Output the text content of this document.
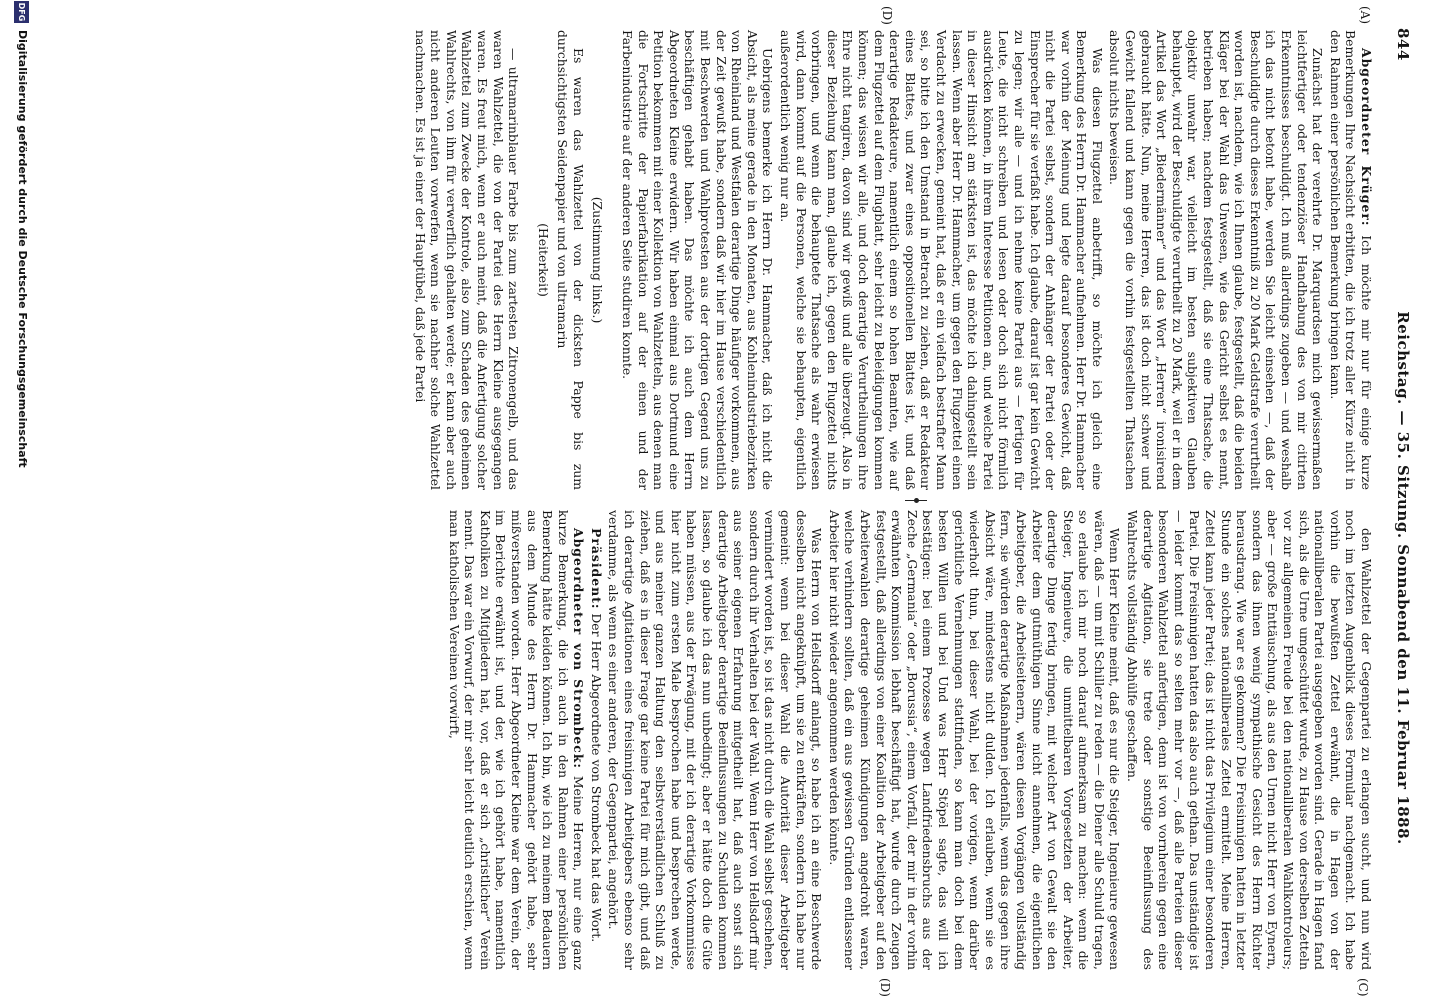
844
Reichstag. — 35. Sitzung. Sonnabend den 11. Februar 1888.
(A)
(D)
(C)
(D)

Abgeordneter Krüger: Ich möchte mir nur für einige kurze Bemerkungen Ihre Nachsicht erbitten, die ich trotz aller Kürze nicht in den Rahmen einer persönlichen Bemerkung bringen kann.

Zunächst hat der verehrte Dr. Marquardsen mich gewissermaßen leichtfertiger oder tendenziöser Handhabung des von mir citirten Erkenntnisses beschuldigt. Ich muß allerdings zugeben — und weshalb ich das nicht betont habe, werden Sie leicht einsehen —, daß der Beschuldigte durch dieses Erkenntniß zu 20 Mark Geldstrafe verurtheilt worden ist, nachdem, wie ich Ihnen glaube, festgestellt, daß die beiden Kläger bei der Wahl das Unwesen, wie das Gericht selbst es nennt, betrieben haben; nachdem festgestellt, daß sie eine Thatsache, die objektiv unwahr war, vielleicht im besten subjektiven Glauben behauptet, wird der Beschuldigte verurtheilt zu 20 Mark, weil er in dem Artikel das Wort „Biedermänner“ und das Wort „Herren“ ironisirend gebraucht hätte. Nun, meine Herren, das ist doch nicht schwer und Gewicht fallend und kann gegen die vorhin festgestellten Thatsachen absolut nichts beweisen.

Was diesen Flugzettel anbetrifft, so möchte ich gleich eine Bemerkung des Herrn Dr. Hammacher aufnehmen. Herr Dr. Hammacher war vorhin der Meinung und legte darauf besonderes Gewicht, daß nicht die Partei selbst, sondern der Anhänger der Partei oder der Einsprecher für sie verfaßt habe. Ich glaube, darauf ist gar kein Gewicht zu legen; wir alle — und ich nehme keine Partei aus — fertigen für Leute, die nicht schreiben und lesen oder doch sich nicht förmlich ausdrücken können, in ihrem Interesse Petitionen an, und welche Partei in dieser Hinsicht am stärksten ist, das möchte ich dahingestellt sein lassen. Wenn aber Herr Dr. Hammacher, um gegen den Flugzettel einen Verdacht zu erwecken, gemeint hat, daß er ein vielfach bestrafter Mann sei, so bitte ich den Umstand in Betracht zu ziehen, daß er Redakteur eines Blattes, und zwar eines oppositionellen Blattes ist, und daß derartige Redakteure, namentlich einem so hohen Beamten, wie auf dem Flugzettel auf dem Flugblatt, sehr leicht zu Beleidigungen kommen können; das wissen wir alle, und doch derartige Verurtheilungen ihre Ehre nicht tangiren, davon sind wir gewiß und alle überzeugt. Also in dieser Beziehung kann man, glaube ich, gegen den Flugzettel nichts vorbringen, und wenn die behauptete Thatsache als wahr erwiesen wird, dann kommt auf die Personen, welche sie behaupten, eigentlich außerordentlich wenig nur an.

Uebrigens bemerke ich Herrn Dr. Hammacher, daß ich nicht die Absicht, als meine gerade in den Monaten, aus Kohlenindustriebezirken von Rheinland und Westfalen derartige Dinge häufiger vorkommen, aus der Zeit gewußt habe, sondern daß wir hier im Hause verschiedentlich mit Beschwerden und Wahlprotesten aus der dortigen Gegend uns zu beschäftigen gehabt haben. Das möchte ich auch dem Herrn Abgeordneten Kleine erwidern. Wir haben einmal aus Dortmund eine Petition bekommen mit einer Kollektion von Wahlzetteln, aus denen man die Fortschritte der Papierfabrikation auf der einen und der Farbenindustrie auf der anderen Seite studiren konnte.

(Zustimmung links.)

Es waren das Wahlzettel von der dicksten Pappe bis zum durchsichtigsten Seidenpapier und von ultramarin

(Heiterkeit)

— ultramarinblauer Farbe bis zum zartesten Zitronengelb, und das waren Wahlzettel, die von der Partei des Herrn Kleine ausgegangen waren. Es freut mich, wenn er auch meint, daß die Anfertigung solcher Wahlzettel zum Zwecke der Kontrole, also zum Schaden des geheimen Wahlrechts, von ihm für verwerflich gehalten werde; er kann aber auch nicht anderen Leuten vorwerfen, wenn sie nachher solche Wahlzettel nachmachen. Es ist ja einer der Hauptübel, daß jede Partei

den Wahlzettel der Gegenpartei zu erlangen sucht, und nun wird noch im letzten Augenblick dieses Formular nachgemacht. Ich habe vorhin die bewußten Zettel erwähnt, die in Hagen von der nationalliberalen Partei ausgegeben worden sind. Gerade in Hagen fand sich, als die Urne umgeschüttet wurde, zu Hause von derselben Zetteln vor zur allgemeinen Freude bei den nationalliberalen Wahlkontroleurs; aber — große Enttäuschung, als aus den Urnen nicht Herr von Eynern, sondern das ihnen wenig sympathische Gesicht des Herrn Richter herausdrang. Wie war es gekommen? Die Freisinnigen hatten in letzter Stunde ein solches nationalliberales Zettel ermittelt. Meine Herren, Zettel kann jeder Partei; das ist nicht das Privilegium einer besonderen Partei. Die Freisinnigen hatten das also auch gethan. Das unständige ist — leider kommt das so selten mehr vor —, daß alle Parteien dieser besonderen Wahlzettel anfertigen, denn ist von vornherein gegen eine derartige Agitation, sie trete oder sonstige Beeinflussung des Wahlrechts vollständig Abhülfe geschaffen.

Wenn Herr Kleine meint, daß es nur die Steiger, Ingenieure gewesen wären, daß — um mit Schiller zu reden — die Diener alle Schuld tragen, so erlaube ich mir noch darauf aufmerksam zu machen: wenn die Steiger, Ingenieure, die unmittelbaren Vorgesetzten der Arbeiter, derartige Dinge fertig bringen, mit welcher Art von Gewalt sie den Arbeiter dem gutmüthigen Sinne nicht annehmen, die eigentlichen Arbeitgeber, die Arbeitseitenern, wären diesen Vorgängen vollständig fern, sie würden derartige Maßnahmen jedenfalls, wenn das gegen ihre Absicht wäre, mindestens nicht dulden. Ich erlauben, wenn sie es wiederholt thun, bei dieser Wahl, bei der vorigen, wenn darüber gerichtliche Vernehmungen stattfinden, so kann man doch bei dem besten Willen und bei Und was Herr Stöpel sagte, das will ich bestätigen: bei einem Prozesse wegen Landfriedensbruchs aus der Zeche „Germania“ oder „Borussia“, einem Vorfall, der mir in der vorhin erwähnten Kommission lebhaft beschäftigt hat, wurde durch Zeugen festgestellt, daß allerdings von einer Koalition der Arbeitgeber auf den Arbeiterwahlen derartige geheimen Kündigungen angedroht waren, welche verhindern sollten, daß ein aus gewissen Gründen entlassener Arbeiter hier nicht wieder angenommen werden könnte.

Was Herrn von Hellsdorff anlangt, so habe ich an eine Beschwerde desselben nicht angeknüpft, um sie zu entkräften, sondern ich habe nur gemeint: wenn bei dieser Wahl die Autorität dieser Arbeitgeber vermindert worden ist, so ist das nicht durch die Wahl selbst geschehen, sondern durch ihr Verhalten bei der Wahl. Wenn Herr von Hellsdorff mir aus seiner eigenen Erfahrung mitgetheilt hat, daß auch sonst sich derartige Arbeitgeber derartige Beeinflussungen zu Schulden kommen lassen, so glaube ich das nun unbedingt; aber er hätte doch die Güte haben müssen, aus der Erwägung, mit der ich derartige Vorkommnisse hier nicht zum ersten Male besprochen habe und besprechen werde, und aus meiner ganzen Haltung den selbstverständlichen Schluß zu ziehen, daß es in dieser Frage gar keine Partei für mich gibt, und daß ich derartige Agitationen eines freisinnigen Arbeitgebers ebenso sehr verdamme, als wenn es einer anderen, der Gegenpartei, angehört.

Präsident: Der Herr Abgeordnete von Strombeck hat das Wort.

Abgeordneter von Strombeck: Meine Herren, nur eine ganz kurze Bemerkung, die ich auch in den Rahmen einer persönlichen Bemerkung hätte kleiden können. Ich bin, wie ich zu meinem Bedauern aus dem Munde des Herrn Dr. Hammacher gehört habe, sehr mißverstanden worden. Herr Abgeordneter Kleine war dem Verein, der im Berichte erwähnt ist, und der, wie ich gehört habe, namentlich Katholiken zu Mitgliedern hat, vor, daß er sich „christlicher“ Verein nennt. Das war ein Vorwurf, der mir sehr leicht deutlich erschien, wenn man katholischen Vereinen vorwirft,

DFG
Digitalisierung gefördert durch die Deutsche Forschungsgemeinschaft
